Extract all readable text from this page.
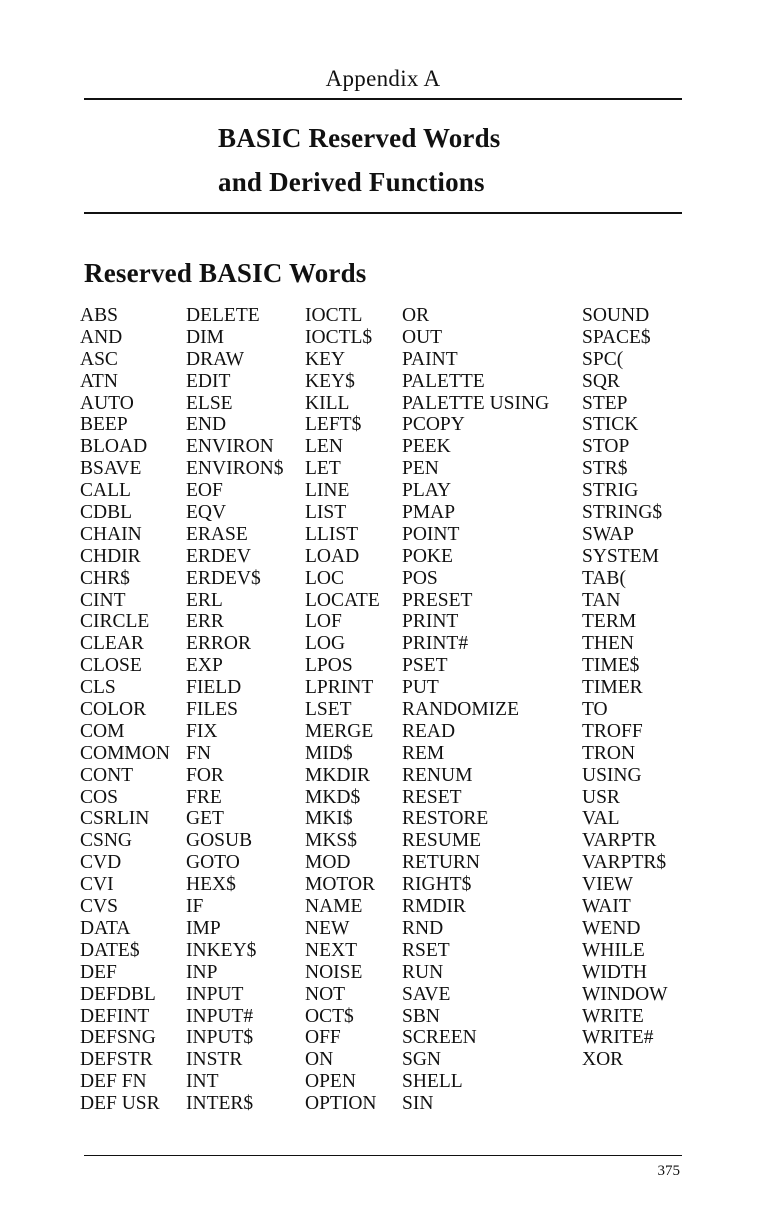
Appendix A
BASIC Reserved Words
and Derived Functions
Reserved BASIC Words
ABS
AND
ASC
ATN
AUTO
BEEP
BLOAD
BSAVE
CALL
CDBL
CHAIN
CHDIR
CHR$
CINT
CIRCLE
CLEAR
CLOSE
CLS
COLOR
COM
COMMON
CONT
COS
CSRLIN
CSNG
CVD
CVI
CVS
DATA
DATE$
DEF
DEFDBL
DEFINT
DEFSNG
DEFSTR
DEF FN
DEF USR
DELETE
DIM
DRAW
EDIT
ELSE
END
ENVIRON
ENVIRON$
EOF
EQV
ERASE
ERDEV
ERDEV$
ERL
ERR
ERROR
EXP
FIELD
FILES
FIX
FN
FOR
FRE
GET
GOSUB
GOTO
HEX$
IF
IMP
INKEY$
INP
INPUT
INPUT#
INPUT$
INSTR
INT
INTER$
IOCTL
IOCTL$
KEY
KEY$
KILL
LEFT$
LEN
LET
LINE
LIST
LLIST
LOAD
LOC
LOCATE
LOF
LOG
LPOS
LPRINT
LSET
MERGE
MID$
MKDIR
MKD$
MKI$
MKS$
MOD
MOTOR
NAME
NEW
NEXT
NOISE
NOT
OCT$
OFF
ON
OPEN
OPTION
OR
OUT
PAINT
PALETTE
PALETTE USING
PCOPY
PEEK
PEN
PLAY
PMAP
POINT
POKE
POS
PRESET
PRINT
PRINT#
PSET
PUT
RANDOMIZE
READ
REM
RENUM
RESET
RESTORE
RESUME
RETURN
RIGHT$
RMDIR
RND
RSET
RUN
SAVE
SBN
SCREEN
SGN
SHELL
SIN
SOUND
SPACE$
SPC(
SQR
STEP
STICK
STOP
STR$
STRIG
STRING$
SWAP
SYSTEM
TAB(
TAN
TERM
THEN
TIME$
TIMER
TO
TROFF
TRON
USING
USR
VAL
VARPTR
VARPTR$
VIEW
WAIT
WEND
WHILE
WIDTH
WINDOW
WRITE
WRITE#
XOR
375
